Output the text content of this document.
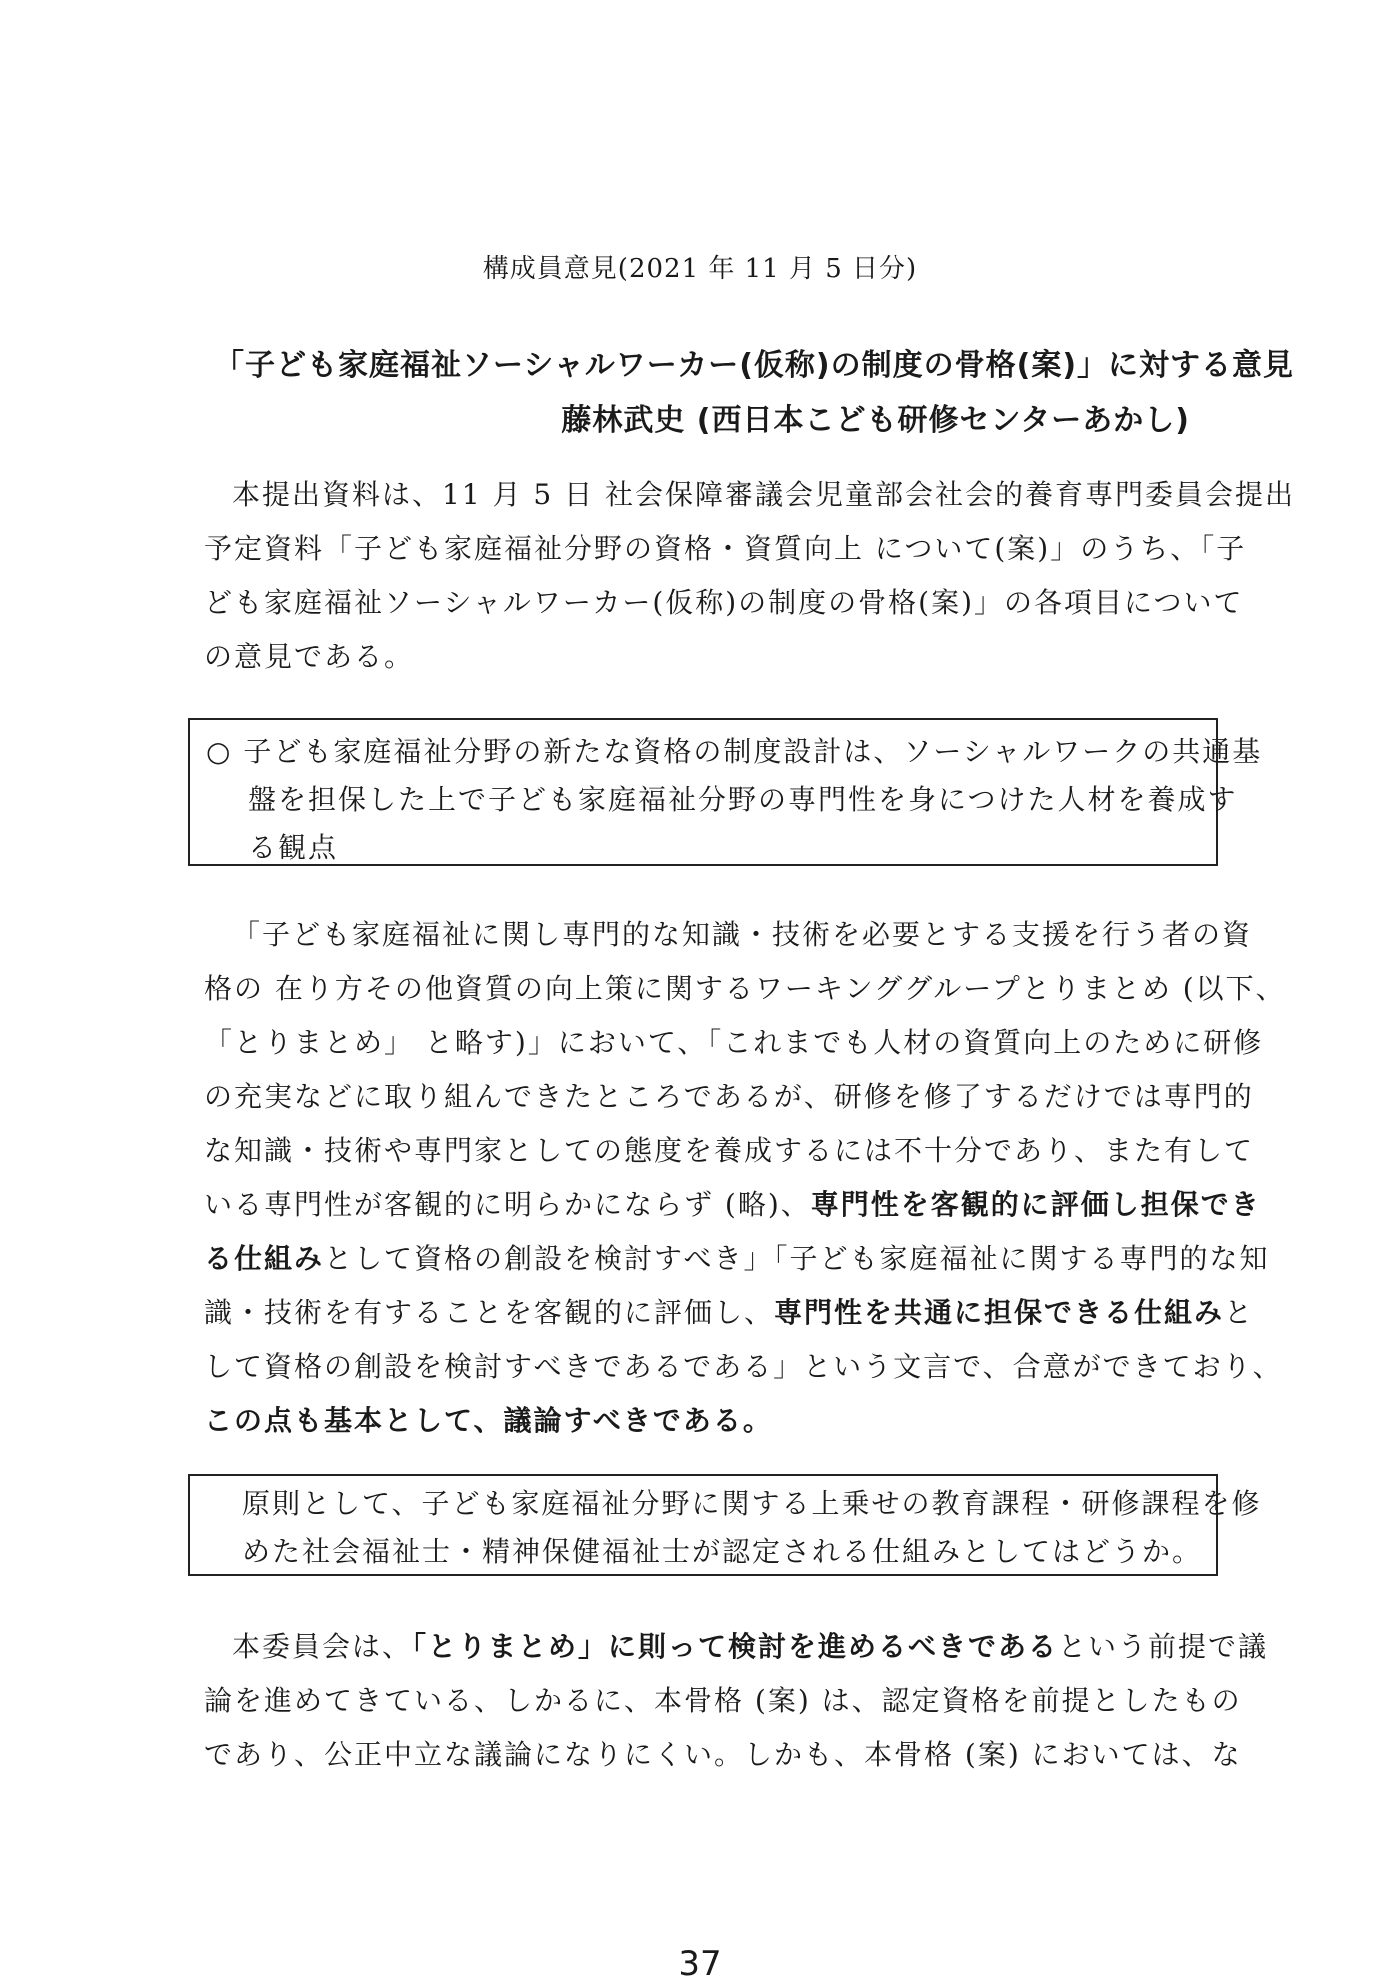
構成員意見(2021 年 11 月 5 日分)
「子ども家庭福祉ソーシャルワーカー(仮称)の制度の骨格(案)」に対する意見
藤林武史 (西日本こども研修センターあかし)
本提出資料は、11 月 5 日 社会保障審議会児童部会社会的養育専門委員会提出
予定資料「子ども家庭福祉分野の資格・資質向上 について(案)」のうち、「子
ども家庭福祉ソーシャルワーカー(仮称)の制度の骨格(案)」の各項目について
の意見である。
○ 子ども家庭福祉分野の新たな資格の制度設計は、ソーシャルワークの共通基
盤を担保した上で子ども家庭福祉分野の専門性を身につけた人材を養成す
る観点
「子ども家庭福祉に関し専門的な知識・技術を必要とする支援を行う者の資
格の 在り方その他資質の向上策に関するワーキンググループとりまとめ (以下、
「とりまとめ」 と略す)」において、「これまでも人材の資質向上のために研修
の充実などに取り組んできたところであるが、研修を修了するだけでは専門的
な知識・技術や専門家としての態度を養成するには不十分であり、また有して
いる専門性が客観的に明らかにならず (略)、専門性を客観的に評価し担保でき
る仕組みとして資格の創設を検討すべき」「子ども家庭福祉に関する専門的な知
識・技術を有することを客観的に評価し、専門性を共通に担保できる仕組みと
して資格の創設を検討すべきであるである」という文言で、合意ができており、
この点も基本として、議論すべきである。
原則として、子ども家庭福祉分野に関する上乗せの教育課程・研修課程を修
めた社会福祉士・精神保健福祉士が認定される仕組みとしてはどうか。
本委員会は、「とりまとめ」に則って検討を進めるべきであるという前提で議
論を進めてきている、しかるに、本骨格 (案) は、認定資格を前提としたもの
であり、公正中立な議論になりにくい。しかも、本骨格 (案) においては、な
37
